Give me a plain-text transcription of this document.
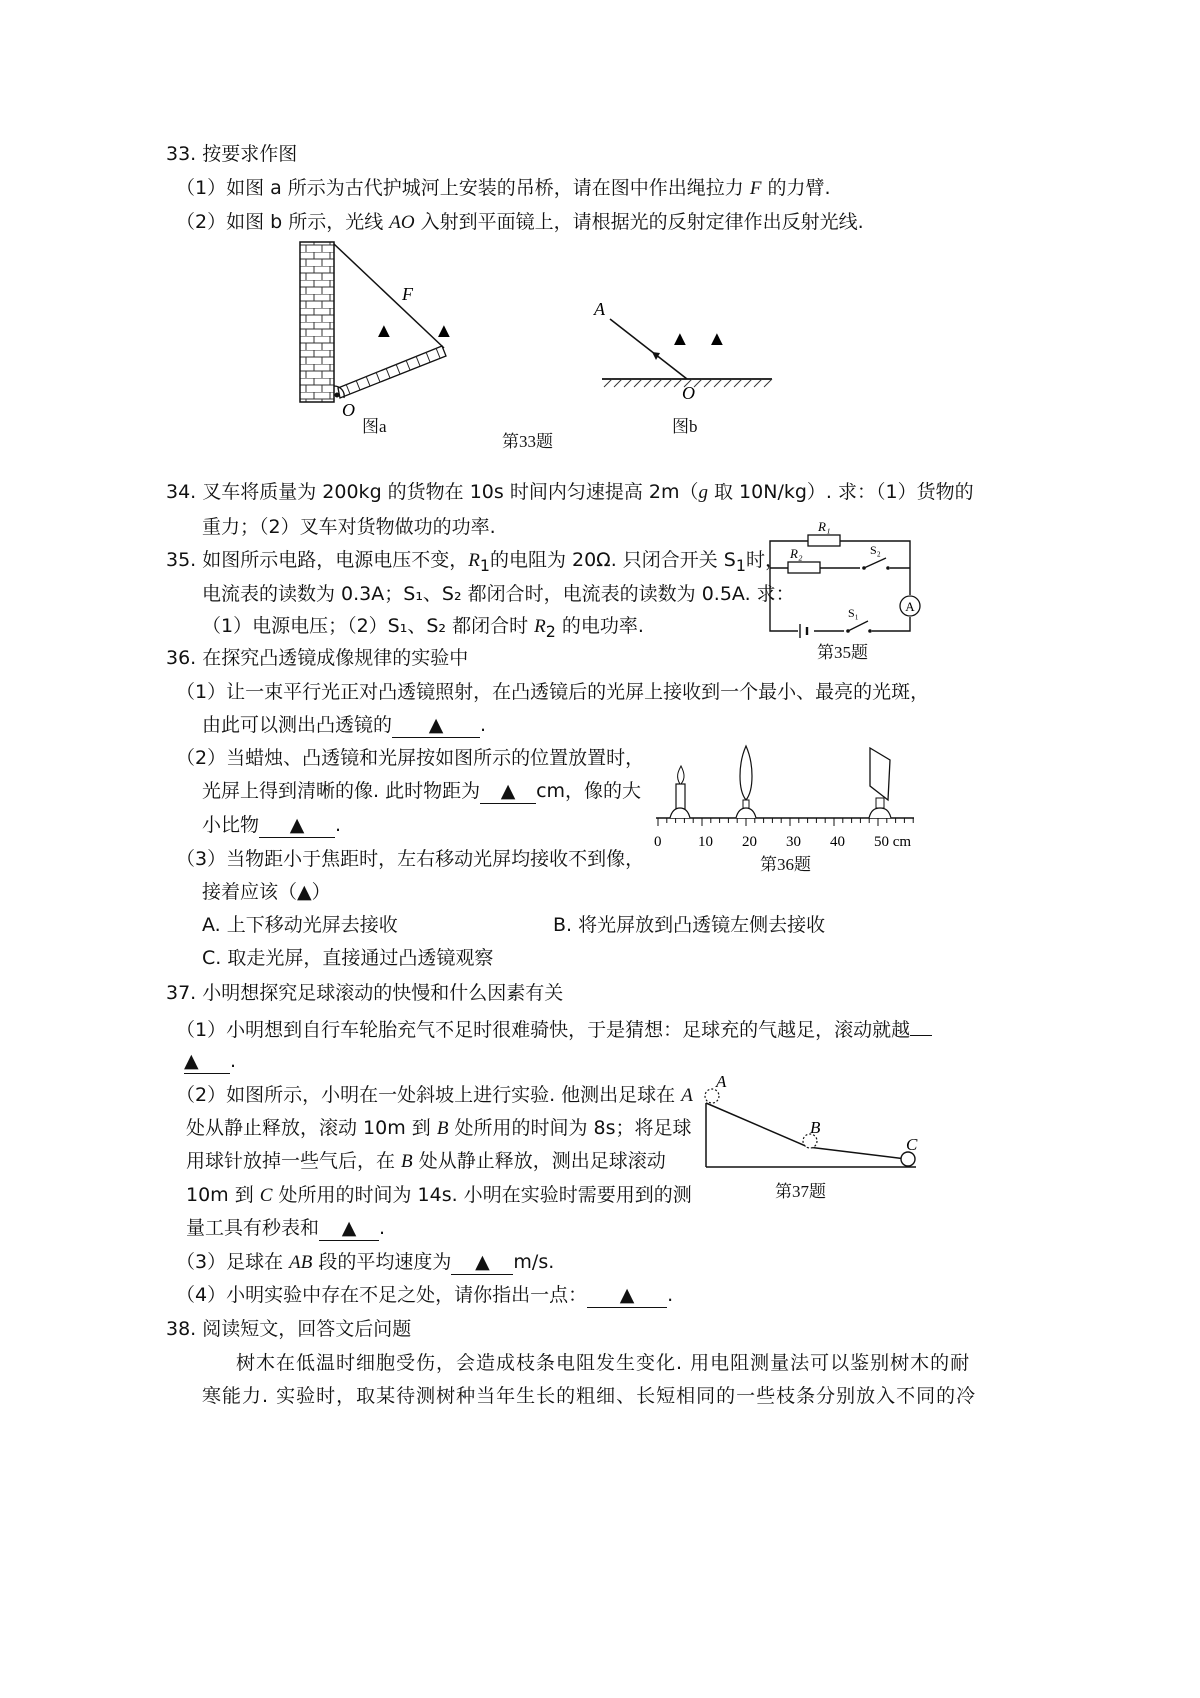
33. 按要求作图
（1）如图 a 所示为古代护城河上安装的吊桥，请在图中作出绳拉力 F 的力臂.
（2）如图 b 所示，光线 AO 入射到平面镜上，请根据光的反射定律作出反射光线.
F
O
▲ ▲
图a
A
O
▲ ▲
图b
第33题
34. 叉车将质量为 200kg 的货物在 10s 时间内匀速提高 2m（g 取 10N/kg）. 求：（1）货物的
重力；（2）叉车对货物做功的功率.
35. 如图所示电路，电源电压不变，$R_1$的电阻为 20Ω. 只闭合开关 $S_1$时，
电流表的读数为 0.3A；S₁、S₂ 都闭合时，电流表的读数为 0.5A. 求：
（1）电源电压；（2）S₁、S₂ 都闭合时 $R_2$ 的电功率.
A
R₁
R₂	S₂
S₁
第35题
36. 在探究凸透镜成像规律的实验中
（1）让一束平行光正对凸透镜照射，在凸透镜后的光屏上接收到一个最小、最亮的光斑，
由此可以测出凸透镜的 ▲ .
（2）当蜡烛、凸透镜和光屏按如图所示的位置放置时，
光屏上得到清晰的像. 此时物距为 ▲ cm，像的大
小比物 ▲ .
（3）当物距小于焦距时，左右移动光屏均接收不到像，
接着应该（▲）
A. 上下移动光屏去接收	B. 将光屏放到凸透镜左侧去接收
C. 取走光屏，直接通过凸透镜观察
0 10 20 30 40 50 cm
第36题
37. 小明想探究足球滚动的快慢和什么因素有关
（1）小明想到自行车轮胎充气不足时很难骑快，于是猜想：足球充的气越足，滚动就越
▲ .
（2）如图所示，小明在一处斜坡上进行实验. 他测出足球在 A
处从静止释放，滚动 10m 到 B 处所用的时间为 8s；将足球
用球针放掉一些气后，在 B 处从静止释放，测出足球滚动
10m 到 C 处所用的时间为 14s. 小明在实验时需要用到的测
量工具有秒表和 ▲ .
（3）足球在 AB 段的平均速度为 ▲ m/s.
（4）小明实验中存在不足之处，请你指出一点： ▲ .
A
B
C
第37题
38. 阅读短文，回答文后问题
树木在低温时细胞受伤，会造成枝条电阻发生变化. 用电阻测量法可以鉴别树木的耐
寒能力. 实验时，取某待测树种当年生长的粗细、长短相同的一些枝条分别放入不同的冷
